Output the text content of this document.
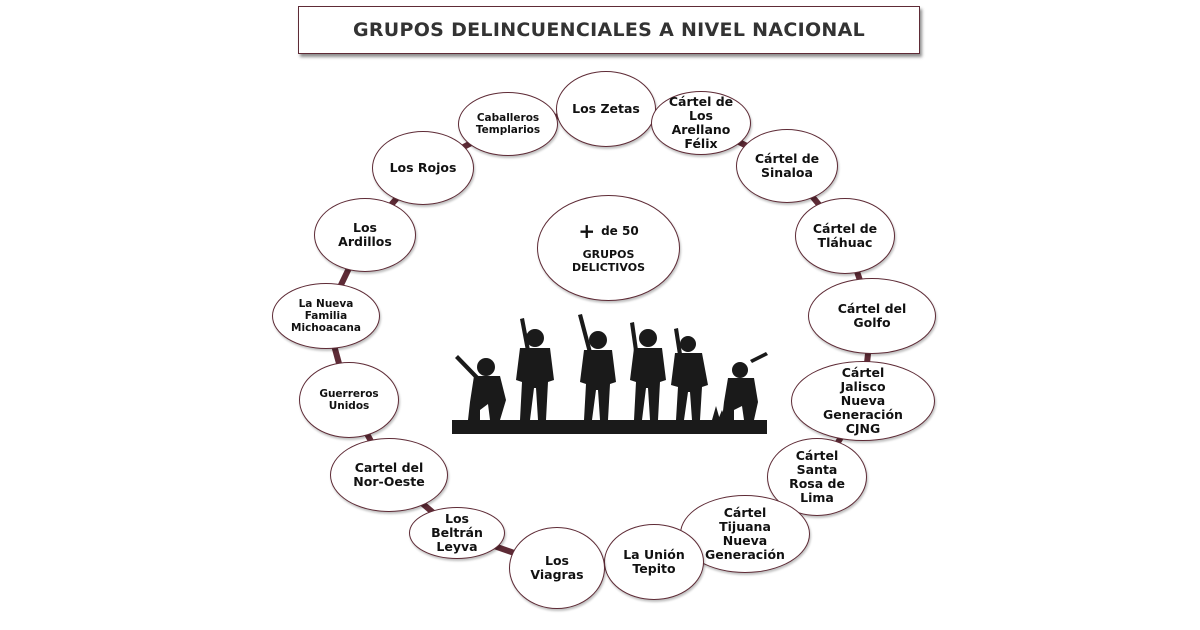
GRUPOS DELINCUENCIALES A NIVEL NACIONAL
+ de 50
GRUPOS
DELICTIVOS
Los Zetas Cártel de
Los
Arellano
Félix
Cártel de
Sinaloa
Cártel de
Tláhuac
Cártel del
Golfo
Cártel
Jalisco
Nueva
Generación
CJNG
Cártel
Santa
Rosa de
Lima
Cártel
Tijuana
Nueva
Generación
La Unión
Tepito
Los
Viagras
Los
Beltrán
Leyva
Cartel del
Nor-Oeste
Guerreros
Unidos
La Nueva
Familia
Michoacana
Los
Ardillos
Los Rojos
Caballeros
Templarios
